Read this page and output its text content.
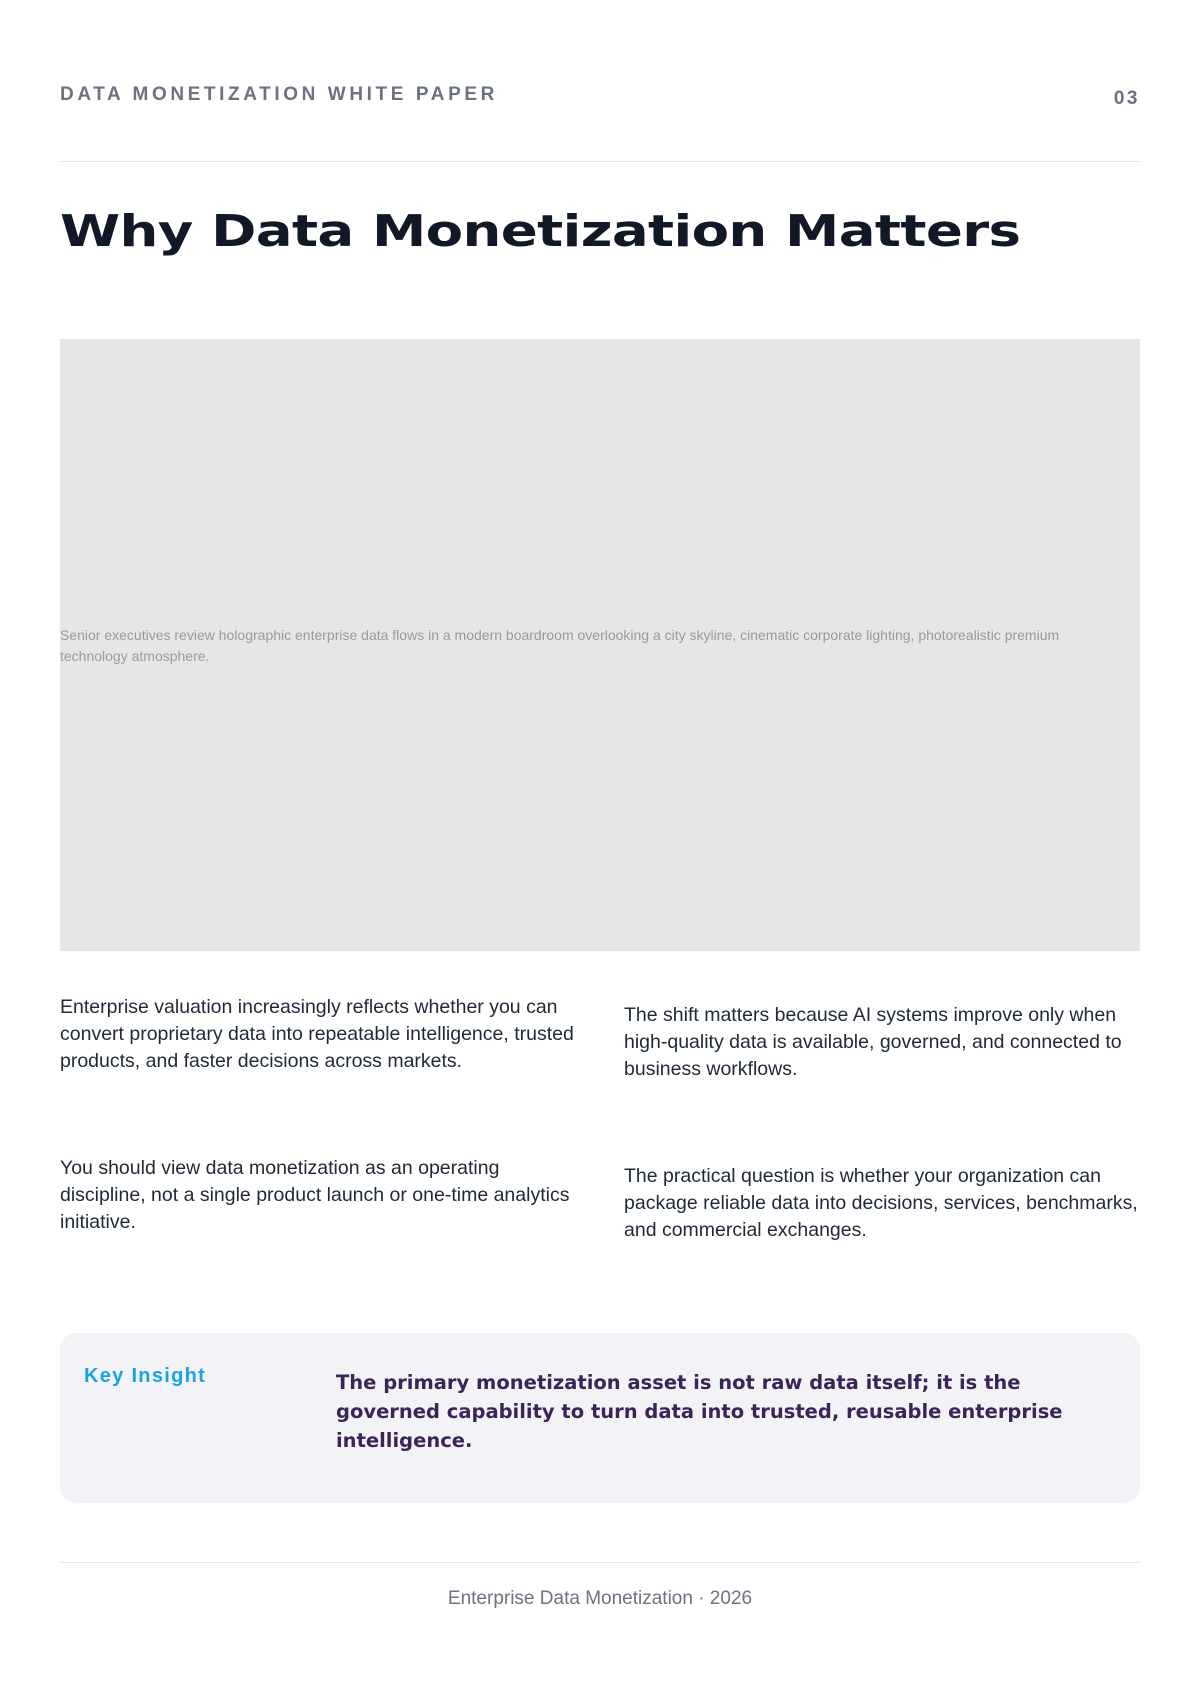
DATA MONETIZATION WHITE PAPER	03
Why Data Monetization Matters
Senior executives review holographic enterprise data flows in a modern boardroom overlooking a city skyline, cinematic corporate lighting, photorealistic premium technology atmosphere.

Enterprise valuation increasingly reflects whether you can convert proprietary data into repeatable intelligence, trusted products, and faster decisions across markets.

The shift matters because AI systems improve only when high-quality data is available, governed, and connected to business workflows.

You should view data monetization as an operating discipline, not a single product launch or one-time analytics initiative.

The practical question is whether your organization can package reliable data into decisions, services, benchmarks, and commercial exchanges.

Key Insight	The primary monetization asset is not raw data itself; it is the governed capability to turn data into trusted, reusable enterprise intelligence.

Enterprise Data Monetization · 2026
